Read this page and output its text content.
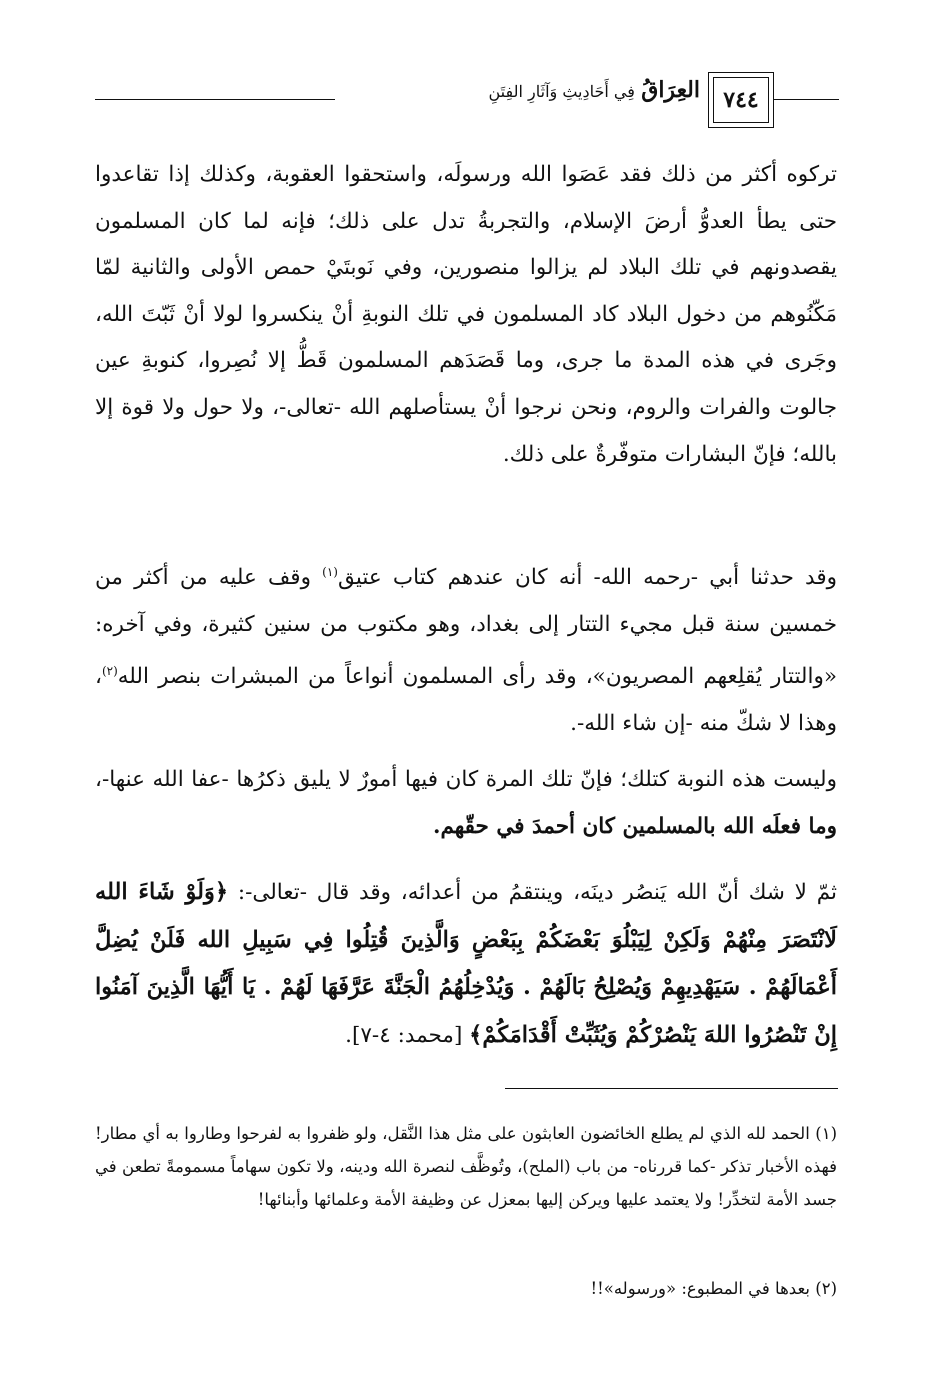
العِرَاقُ فِي أَحَادِيثِ وَآثَارِ الفِتَنِ	٧٤٤

تركوه أكثر من ذلك فقد عَصَوا الله ورسولَه، واستحقوا العقوبة، وكذلك إذا تقاعدوا حتى يطأ العدوُّ أرضَ الإسلام، والتجربةُ تدل على ذلك؛ فإنه لما كان المسلمون يقصدونهم في تلك البلاد لم يزالوا منصورين، وفي نَوبتَيْ حمص الأولى والثانية لمّا مَكّنُوهم من دخول البلاد كاد المسلمون في تلك النوبةِ أنْ ينكسروا لولا أنْ ثَبّتَ الله، وجَرى في هذه المدة ما جرى، وما قَصَدَهم المسلمون قَطُّ إلا نُصِروا، كنوبةِ عين جالوت والفرات والروم، ونحن نرجوا أنْ يستأصلهم الله -تعالى-، ولا حول ولا قوة إلا بالله؛ فإنّ البشارات متوفّرةٌ على ذلك.

وقد حدثنا أبي -رحمه الله- أنه كان عندهم كتاب عتيق$^{(١)}$ وقف عليه من أكثر من خمسين سنة قبل مجيء التتار إلى بغداد، وهو مكتوب من سنين كثيرة، وفي آخره: «والتتار يُقلِعهم المصريون»، وقد رأى المسلمون أنواعاً من المبشرات بنصر الله$^{(٢)}$، وهذا لا شكّ منه -إن شاء الله-.

وليست هذه النوبة كتلك؛ فإنّ تلك المرة كان فيها أمورٌ لا يليق ذكرُها -عفا الله عنها-، وما فعلَه الله بالمسلمين كان أحمدَ في حقّهم.

ثمّ لا شك أنّ الله يَنصُر دينَه، وينتقمُ من أعدائه، وقد قال -تعالى-: ﴿وَلَوْ شَاءَ الله لَانْتَصَرَ مِنْهُمْ وَلَكِنْ لِيَبْلُوَ بَعْضَكُمْ بِبَعْضٍ وَالَّذِينَ قُتِلُوا فِي سَبِيلِ الله فَلَنْ يُضِلَّ أَعْمَالَهُمْ . سَيَهْدِيهِمْ وَيُصْلِحُ بَالَهُمْ . وَيُدْخِلُهُمُ الْجَنَّةَ عَرَّفَهَا لَهُمْ . يَا أَيُّهَا الَّذِينَ آمَنُوا إِنْ تَنْصُرُوا اللهَ يَنْصُرْكُمْ وَيُثَبِّتْ أَقْدَامَكُمْ﴾ [محمد: ٤-٧].

(١) الحمد لله الذي لم يطلع الخائضون العابثون على مثل هذا النَّقل، ولو ظفروا به لفرحوا وطاروا به أي مطار! فهذه الأخبار تذكر -كما قررناه- من باب (الملح)، وتُوظَّف لنصرة الله ودينه، ولا تكون سهاماً مسمومةً تطعن في جسد الأمة لتخدِّر! ولا يعتمد عليها ويركن إليها بمعزل عن وظيفة الأمة وعلمائها وأبنائها!

(٢) بعدها في المطبوع: «ورسوله»!!
